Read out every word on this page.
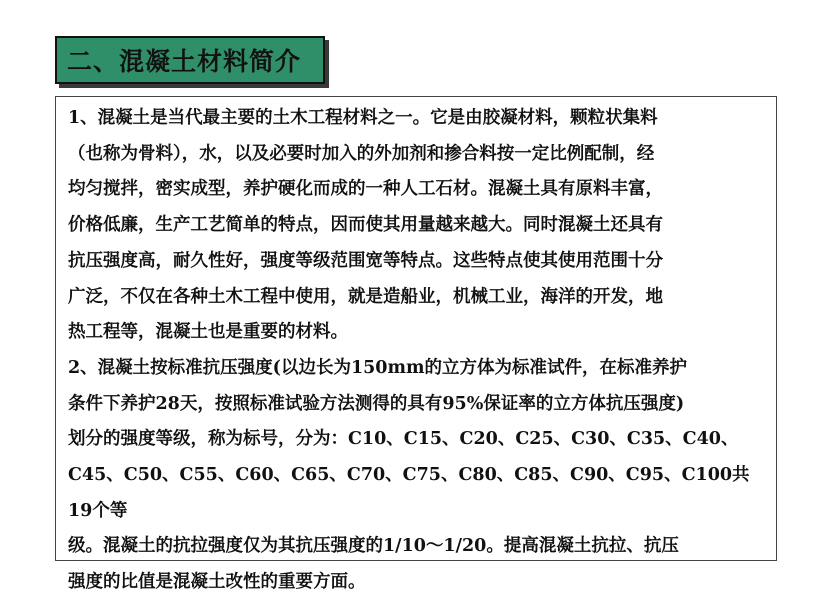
二、混凝土材料简介

1、混凝土是当代最主要的土木工程材料之一。它是由胶凝材料，颗粒状集料
（也称为骨料），水，以及必要时加入的外加剂和掺合料按一定比例配制，经
均匀搅拌，密实成型，养护硬化而成的一种人工石材。混凝土具有原料丰富，
价格低廉，生产工艺简单的特点，因而使其用量越来越大。同时混凝土还具有
抗压强度高，耐久性好，强度等级范围宽等特点。这些特点使其使用范围十分
广泛，不仅在各种土木工程中使用，就是造船业，机械工业，海洋的开发，地
热工程等，混凝土也是重要的材料。

2、混凝土按标准抗压强度(以边长为150mm的立方体为标准试件，在标准养护
条件下养护28天，按照标准试验方法测得的具有95%保证率的立方体抗压强度)
划分的强度等级，称为标号，分为：C10、C15、C20、C25、C30、C35、C40、
C45、C50、C55、C60、C65、C70、C75、C80、C85、C90、C95、C100共19个等
级。混凝土的抗拉强度仅为其抗压强度的1/10～1/20。提高混凝土抗拉、抗压
强度的比值是混凝土改性的重要方面。
